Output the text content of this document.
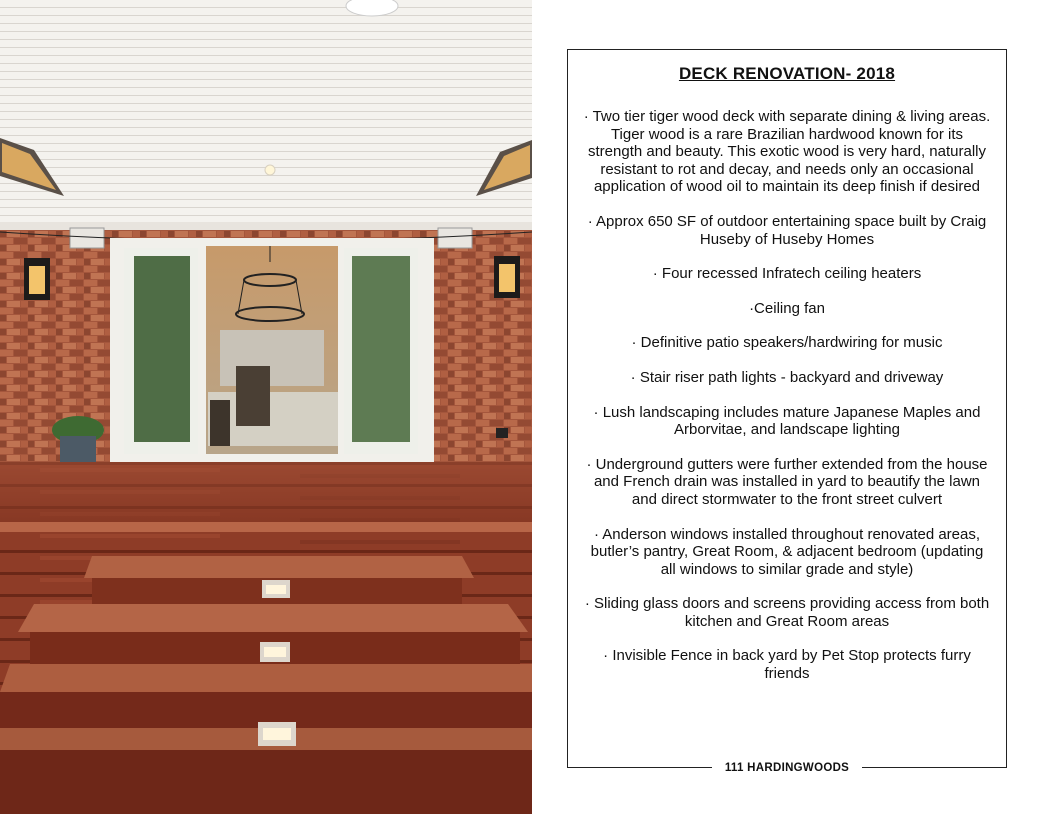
DECK RENOVATION- 2018
· Two tier tiger wood deck with separate dining & living areas. Tiger wood is a rare Brazilian hardwood known for its strength and beauty. This exotic wood is very hard, naturally resistant to rot and decay, and needs only an occasional application of wood oil to maintain its deep finish if desired
· Approx 650 SF of outdoor entertaining space built by Craig Huseby of Huseby Homes
· Four recessed Infratech ceiling heaters
·Ceiling fan
· Definitive patio speakers/hardwiring for music
· Stair riser path lights - backyard and driveway
· Lush landscaping includes mature Japanese Maples and Arborvitae, and landscape lighting
· Underground gutters were further extended from the house and French drain was installed in yard to beautify the lawn and direct stormwater to the front street culvert
· Anderson windows installed throughout renovated areas, butler’s pantry, Great Room, & adjacent bedroom (updating all windows to similar grade and style)
· Sliding glass doors and screens providing access from both kitchen and Great Room areas
· Invisible Fence in back yard by Pet Stop protects furry friends
111 HARDINGWOODS
